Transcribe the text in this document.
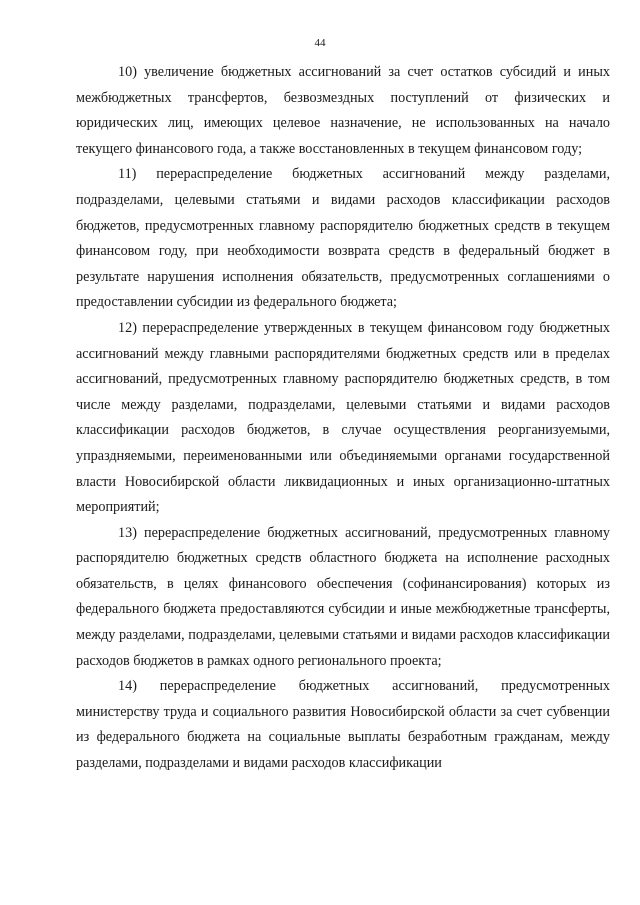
44

10) увеличение бюджетных ассигнований за счет остатков субсидий и иных межбюджетных трансфертов, безвозмездных поступлений от физических и юридических лиц, имеющих целевое назначение, не использованных на начало текущего финансового года, а также восстановленных в текущем финансовом году;

11) перераспределение бюджетных ассигнований между разделами, подразделами, целевыми статьями и видами расходов классификации расходов бюджетов, предусмотренных главному распорядителю бюджетных средств в текущем финансовом году, при необходимости возврата средств в федеральный бюджет в результате нарушения исполнения обязательств, предусмотренных соглашениями о предоставлении субсидии из федерального бюджета;

12) перераспределение утвержденных в текущем финансовом году бюджетных ассигнований между главными распорядителями бюджетных средств или в пределах ассигнований, предусмотренных главному распорядителю бюджетных средств, в том числе между разделами, подразделами, целевыми статьями и видами расходов классификации расходов бюджетов, в случае осуществления реорганизуемыми, упраздняемыми, переименованными или объединяемыми органами государственной власти Новосибирской области ликвидационных и иных организационно-штатных мероприятий;

13) перераспределение бюджетных ассигнований, предусмотренных главному распорядителю бюджетных средств областного бюджета на исполнение расходных обязательств, в целях финансового обеспечения (софинансирования) которых из федерального бюджета предоставляются субсидии и иные межбюджетные трансферты, между разделами, подразделами, целевыми статьями и видами расходов классификации расходов бюджетов в рамках одного регионального проекта;

14) перераспределение бюджетных ассигнований, предусмотренных министерству труда и социального развития Новосибирской области за счет субвенции из федерального бюджета на социальные выплаты безработным гражданам, между разделами, подразделами и видами расходов классификации
